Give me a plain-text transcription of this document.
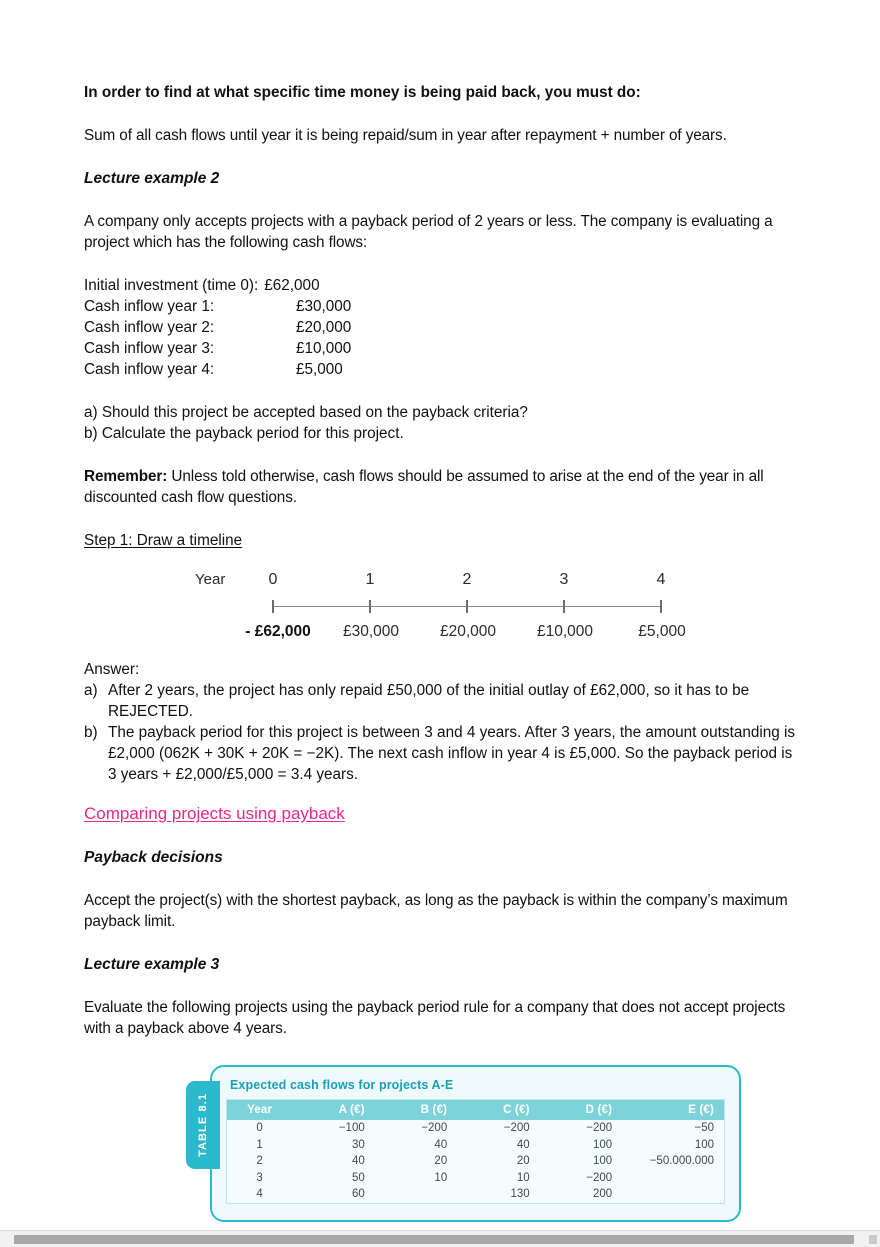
In order to find at what specific time money is being paid back, you must do:
Sum of all cash flows until year it is being repaid/sum in year after repayment + number of years.
Lecture example 2
A company only accepts projects with a payback period of 2 years or less. The company is evaluating a project which has the following cash flows:
Initial investment (time 0): £62,000
Cash inflow year 1:	£30,000
Cash inflow year 2:	£20,000
Cash inflow year 3:	£10,000
Cash inflow year 4:	£5,000
a) Should this project be accepted based on the payback criteria?
b) Calculate the payback period for this project.
Remember: Unless told otherwise, cash flows should be assumed to arise at the end of the year in all discounted cash flow questions.
Step 1: Draw a timeline
Year	0	1	2	3	4
- £62,000 £30,000	£20,000	£10,000	£5,000
Answer:
a) After 2 years, the project has only repaid £50,000 of the initial outlay of £62,000, so it has to be REJECTED.
b) The payback period for this project is between 3 and 4 years. After 3 years, the amount outstanding is £2,000 (062K + 30K + 20K = −2K). The next cash inflow in year 4 is £5,000. So the payback period is 3 years + £2,000/£5,000 = 3.4 years.
Comparing projects using payback
Payback decisions
Accept the project(s) with the shortest payback, as long as the payback is within the company’s maximum payback limit.
Lecture example 3
Evaluate the following projects using the payback period rule for a company that does not accept projects with a payback above 4 years.
TABLE 8.1
Expected cash flows for projects A-E
Year	A (€)	B (€)	C (€)	D (€)	E (€)
0	−100	−200	−200	−200	−50
1	30	40	40	100	100
2	40	20	20	100	−50.000.000
3	50	10	10	−200	
4	60		130	200	
